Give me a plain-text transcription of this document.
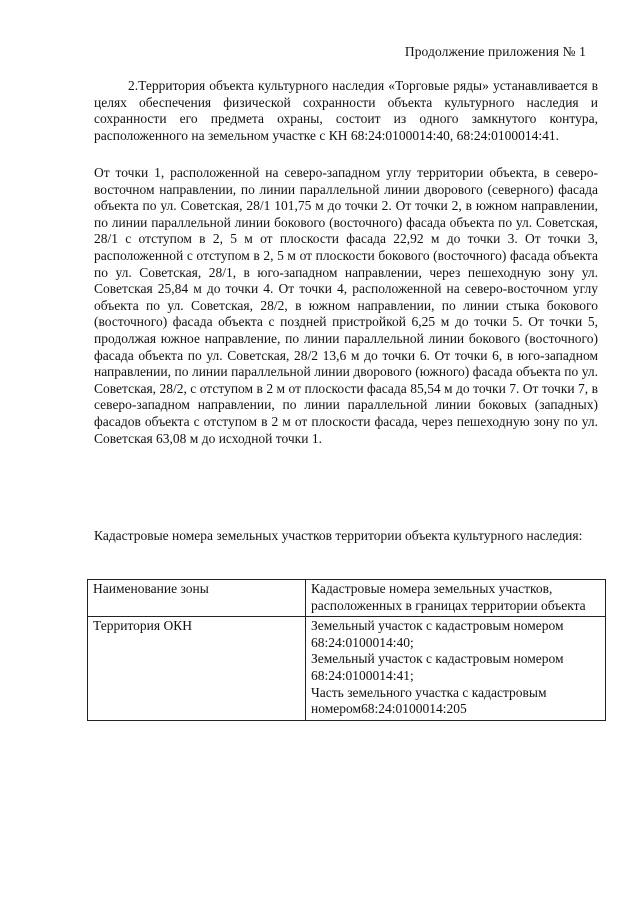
Продолжение приложения № 1

2.Территория объекта культурного наследия «Торговые ряды» устанавливается в целях обеспечения физической сохранности объекта культурного наследия и сохранности его предмета охраны, состоит из одного замкнутого контура, расположенного на земельном участке с КН 68:24:0100014:40, 68:24:0100014:41.

От точки 1, расположенной на северо-западном углу территории объекта, в северо-восточном направлении, по линии параллельной линии дворового (северного) фасада объекта по ул. Советская, 28/1 101,75 м до точки 2. От точки 2, в южном направлении, по линии параллельной линии бокового (восточного) фасада объекта по ул. Советская, 28/1 с отступом в 2, 5 м от плоскости фасада 22,92 м до точки 3. От точки 3, расположенной с отступом в 2, 5 м от плоскости бокового (восточного) фасада объекта по ул. Советская, 28/1, в юго-западном направлении, через пешеходную зону ул. Советская 25,84 м до точки 4. От точки 4, расположенной на северо-восточном углу объекта по ул. Советская, 28/2, в южном направлении, по линии стыка бокового (восточного) фасада объекта с поздней пристройкой 6,25 м до точки 5. От точки 5, продолжая южное направление, по линии параллельной линии бокового (восточного) фасада объекта по ул. Советская, 28/2 13,6 м до точки 6. От точки 6, в юго-западном направлении, по линии параллельной линии дворового (южного) фасада объекта по ул. Советская, 28/2, с отступом в 2 м от плоскости фасада 85,54 м до точки 7. От точки 7, в северо-западном направлении, по линии параллельной линии боковых (западных) фасадов объекта с отступом в 2 м от плоскости фасада, через пешеходную зону по ул. Советская 63,08 м до исходной точки 1.

Кадастровые номера земельных участков территории объекта культурного наследия:

Наименование зоны	Кадастровые номера земельных участков, расположенных в границах территории объекта
Территория ОКН	Земельный участок с кадастровым номером 68:24:0100014:40;
Земельный участок с кадастровым номером 68:24:0100014:41;
Часть земельного участка с кадастровым номером68:24:0100014:205
